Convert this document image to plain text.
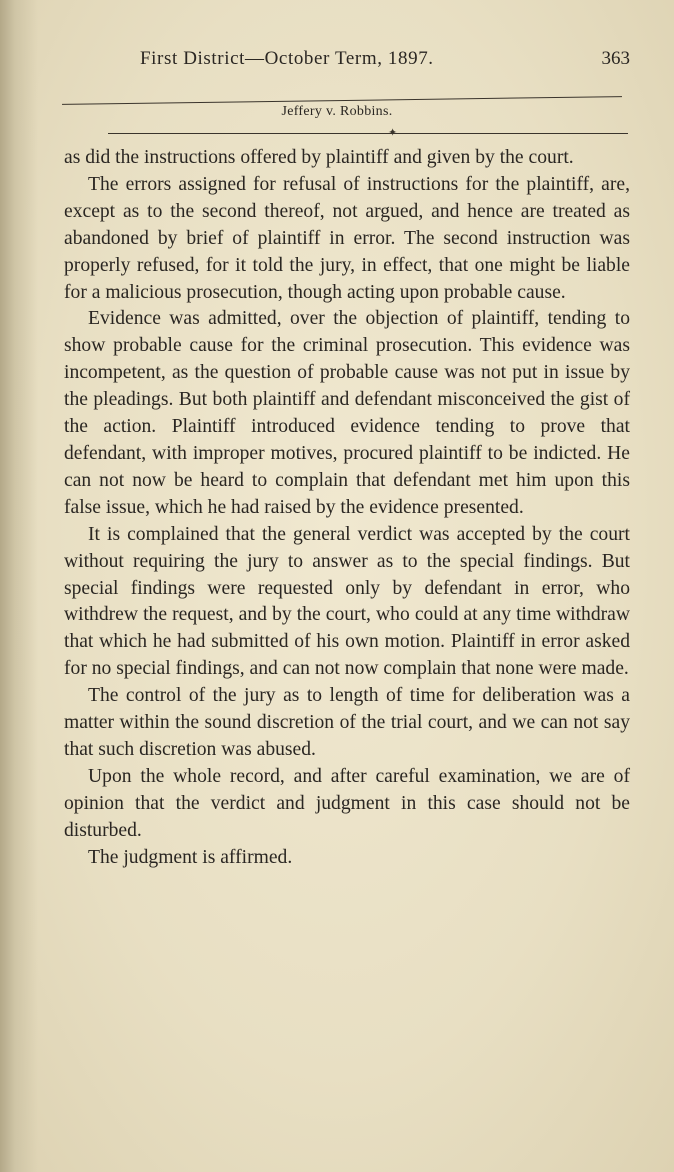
First District—October Term, 1897.	363
Jeffery v. Robbins.
✦

as did the instructions offered by plaintiff and given by the court.

The errors assigned for refusal of instructions for the plaintiff, are, except as to the second thereof, not argued, and hence are treated as abandoned by brief of plaintiff in error. The second instruction was properly refused, for it told the jury, in effect, that one might be liable for a malicious prosecution, though acting upon probable cause.

Evidence was admitted, over the objection of plaintiff, tending to show probable cause for the criminal prosecution. This evidence was incompetent, as the question of probable cause was not put in issue by the pleadings. But both plaintiff and defendant misconceived the gist of the action. Plaintiff introduced evidence tending to prove that defendant, with improper motives, procured plaintiff to be indicted. He can not now be heard to complain that defendant met him upon this false issue, which he had raised by the evidence presented.

It is complained that the general verdict was accepted by the court without requiring the jury to answer as to the special findings. But special findings were requested only by defendant in error, who withdrew the request, and by the court, who could at any time withdraw that which he had submitted of his own motion. Plaintiff in error asked for no special findings, and can not now complain that none were made.

The control of the jury as to length of time for deliberation was a matter within the sound discretion of the trial court, and we can not say that such discretion was abused.

Upon the whole record, and after careful examination, we are of opinion that the verdict and judgment in this case should not be disturbed.

The judgment is affirmed.
